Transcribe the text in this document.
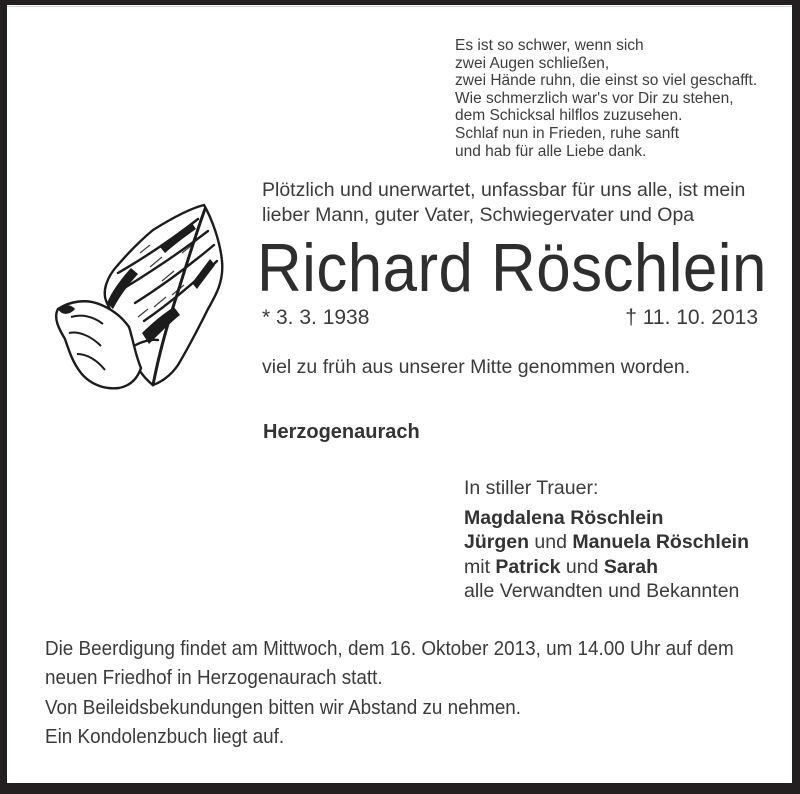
Es ist so schwer, wenn sich
zwei Augen schließen,
zwei Hände ruhn, die einst so viel geschafft.
Wie schmerzlich war's vor Dir zu stehen,
dem Schicksal hilflos zuzusehen.
Schlaf nun in Frieden, ruhe sanft
und hab für alle Liebe dank.
Plötzlich und unerwartet, unfassbar für uns alle, ist mein
lieber Mann, guter Vater, Schwiegervater und Opa
Richard Röschlein
* 3. 3. 1938	† 11. 10. 2013
viel zu früh aus unserer Mitte genommen worden.
Herzogenaurach
In stiller Trauer:
Magdalena Röschlein
Jürgen und Manuela Röschlein
mit Patrick und Sarah
alle Verwandten und Bekannten
Die Beerdigung findet am Mittwoch, dem 16. Oktober 2013, um 14.00 Uhr auf dem
neuen Friedhof in Herzogenaurach statt.
Von Beileidsbekundungen bitten wir Abstand zu nehmen.
Ein Kondolenzbuch liegt auf.
